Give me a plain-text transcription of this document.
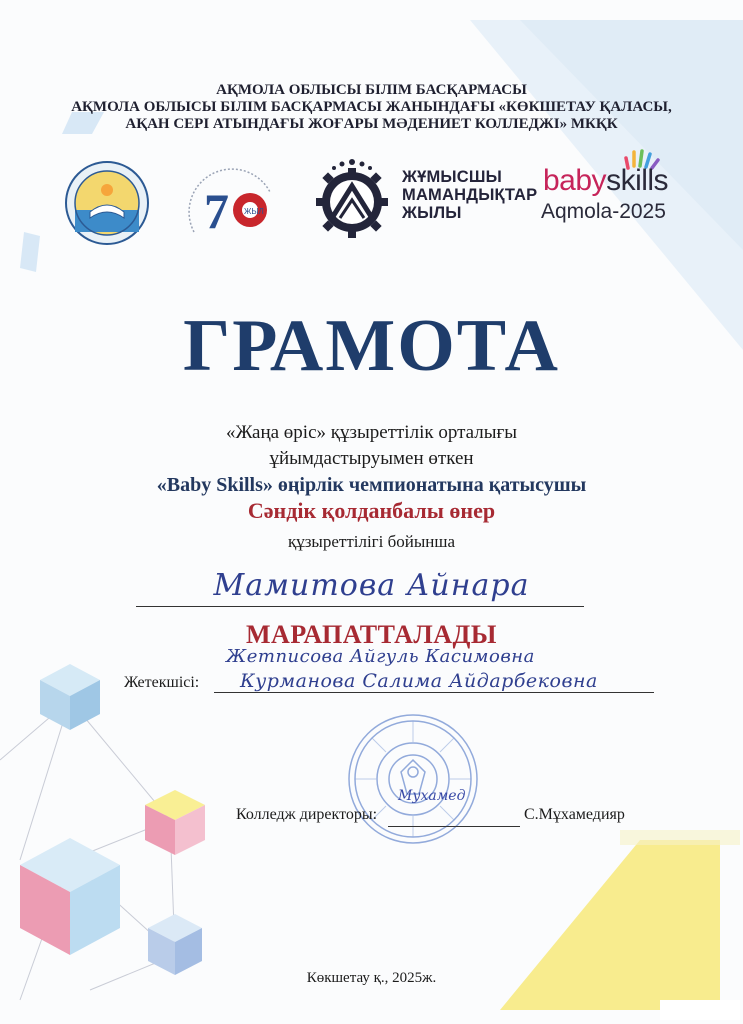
АҚМОЛА ОБЛЫСЫ БІЛІМ БАСҚАРМАСЫ
АҚМОЛА ОБЛЫСЫ БІЛІМ БАСҚАРМАСЫ ЖАНЫНДАҒЫ «КӨКШЕТАУ ҚАЛАСЫ,
АҚАН СЕРІ АТЫНДАҒЫ ЖОҒАРЫ МӘДЕНИЕТ КОЛЛЕДЖІ» МКҚК
7 ЖЫЛ
ЖҰМЫСШЫ МАМАНДЫҚТАР ЖЫЛЫ
babyskills
Aqmola-2025
ГРАМОТА
«Жаңа өріс» құзыреттілік орталығы
ұйымдастыруымен өткен
«Baby Skills» өңірлік чемпионатына қатысушы
Сәндік қолданбалы өнер
құзыреттілігі бойынша
Мамитова Айнара
МАРАПАТТАЛАДЫ
Жетписова Айгуль Касимовна
Жетекшісі: Курманова Салима Айдарбековна
Колледж директоры:
Мухамед
С.Мұхамедияр
Көкшетау қ., 2025ж.
